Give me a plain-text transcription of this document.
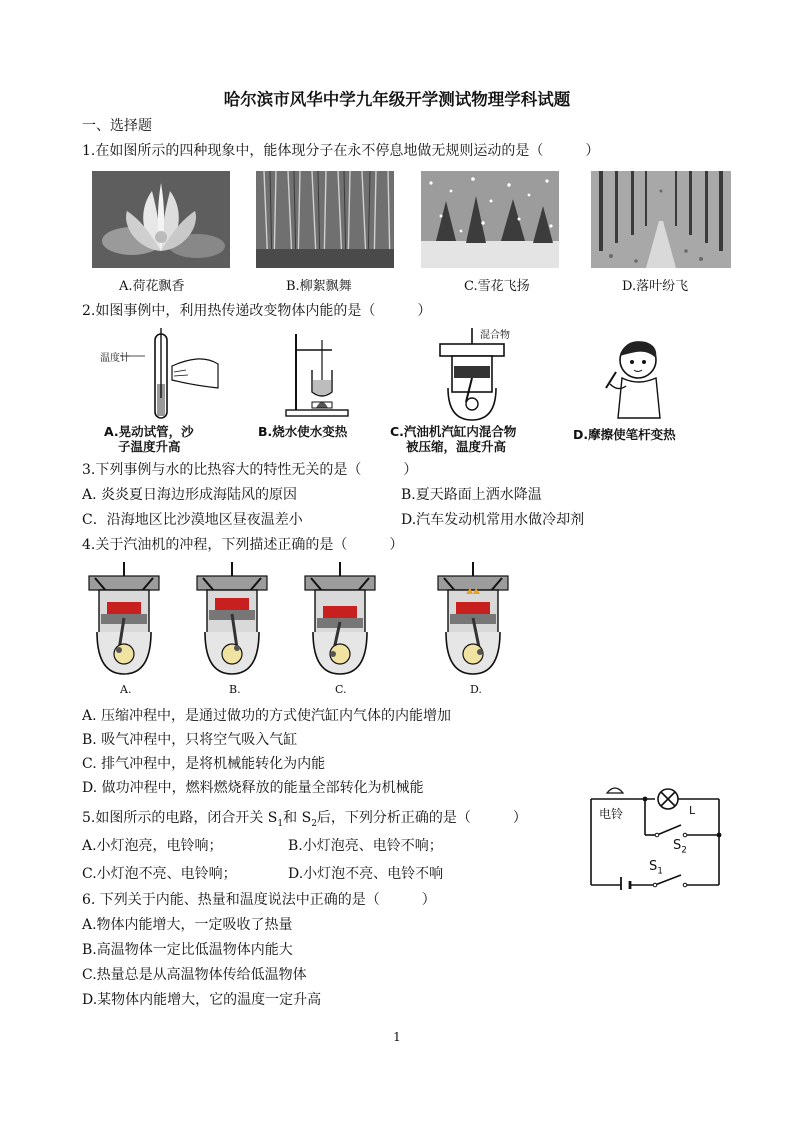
哈尔滨市风华中学九年级开学测试物理学科试题
一、选择题
1.在如图所示的四种现象中，能体现分子在永不停息地做无规则运动的是（　　　）
A.荷花飘香	B.柳絮飘舞	C.雪花飞扬	D.落叶纷飞
2.如图事例中，利用热传递改变物体内能的是（　　　）
温度计
A.晃动试管，沙
子温度升高
B.烧水使水变热
混合物
C.汽油机汽缸内混合物
被压缩，温度升高
D.摩擦使笔杆变热
3.下列事例与水的比热容大的特性无关的是（　　　）
A. 炎炎夏日海边形成海陆风的原因	B.夏天路面上洒水降温
C．沿海地区比沙漠地区昼夜温差小	D.汽车发动机常用水做冷却剂
4.关于汽油机的冲程，下列描述正确的是（　　　）
A.	B.	C.	D.
A. 压缩冲程中，是通过做功的方式使汽缸内气体的内能增加
B. 吸气冲程中，只将空气吸入气缸
C. 排气冲程中，是将机械能转化为内能
D. 做功冲程中，燃料燃烧释放的能量全部转化为机械能
5.如图所示的电路，闭合开关 $S_1$和 $S_2$后，下列分析正确的是（　　　）
A.小灯泡亮，电铃响；	B.小灯泡亮、电铃不响；
C.小灯泡不亮、电铃响；	D.小灯泡不亮、电铃不响
电铃	L
$S_2$
$S_1$
6. 下列关于内能、热量和温度说法中正确的是（　　　）
A.物体内能增大，一定吸收了热量
B.高温物体一定比低温物体内能大
C.热量总是从高温物体传给低温物体
D.某物体内能增大，它的温度一定升高
1
